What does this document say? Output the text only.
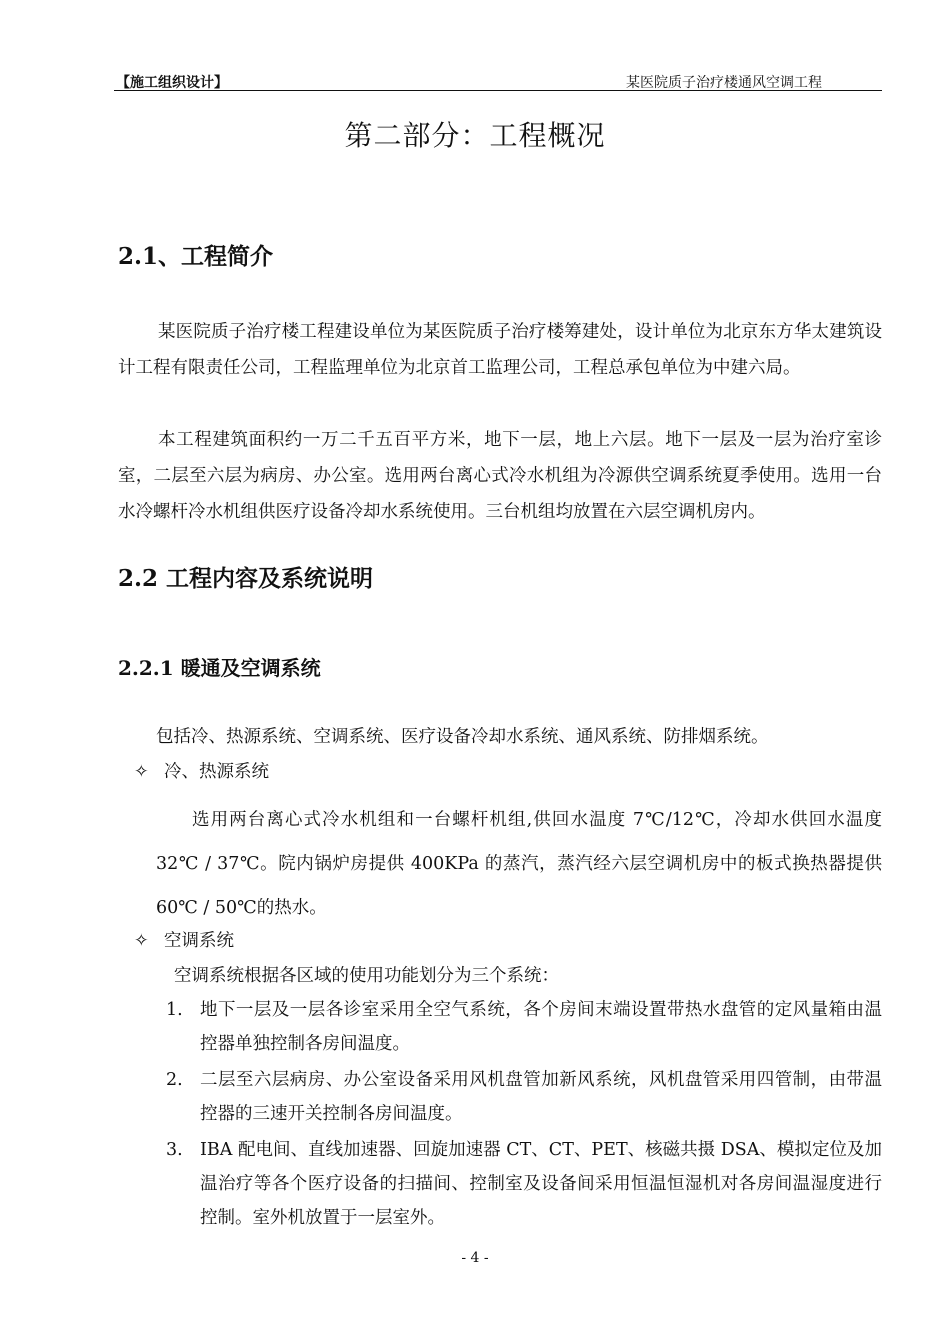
【施工组织设计】	某医院质子治疗楼通风空调工程
第二部分：工程概况
2.1、工程简介
某医院质子治疗楼工程建设单位为某医院质子治疗楼筹建处，设计单位为北京东方华太建筑设计工程有限责任公司，工程监理单位为北京首工监理公司，工程总承包单位为中建六局。
本工程建筑面积约一万二千五百平方米，地下一层，地上六层。地下一层及一层为治疗室诊室，二层至六层为病房、办公室。选用两台离心式冷水机组为冷源供空调系统夏季使用。选用一台水冷螺杆冷水机组供医疗设备冷却水系统使用。三台机组均放置在六层空调机房内。
2.2 工程内容及系统说明
2.2.1 暖通及空调系统
包括冷、热源系统、空调系统、医疗设备冷却水系统、通风系统、防排烟系统。
✧ 冷、热源系统
选用两台离心式冷水机组和一台螺杆机组,供回水温度 7℃/12℃，冷却水供回水温度 32℃ / 37℃。院内锅炉房提供 400KPa 的蒸汽，蒸汽经六层空调机房中的板式换热器提供 60℃ / 50℃的热水。
✧ 空调系统
空调系统根据各区域的使用功能划分为三个系统：
1. 地下一层及一层各诊室采用全空气系统，各个房间末端设置带热水盘管的定风量箱由温控器单独控制各房间温度。
2. 二层至六层病房、办公室设备采用风机盘管加新风系统，风机盘管采用四管制，由带温控器的三速开关控制各房间温度。
3. IBA 配电间、直线加速器、回旋加速器 CT、CT、PET、核磁共摄 DSA、模拟定位及加温治疗等各个医疗设备的扫描间、控制室及设备间采用恒温恒湿机对各房间温湿度进行控制。室外机放置于一层室外。
- 4 -
